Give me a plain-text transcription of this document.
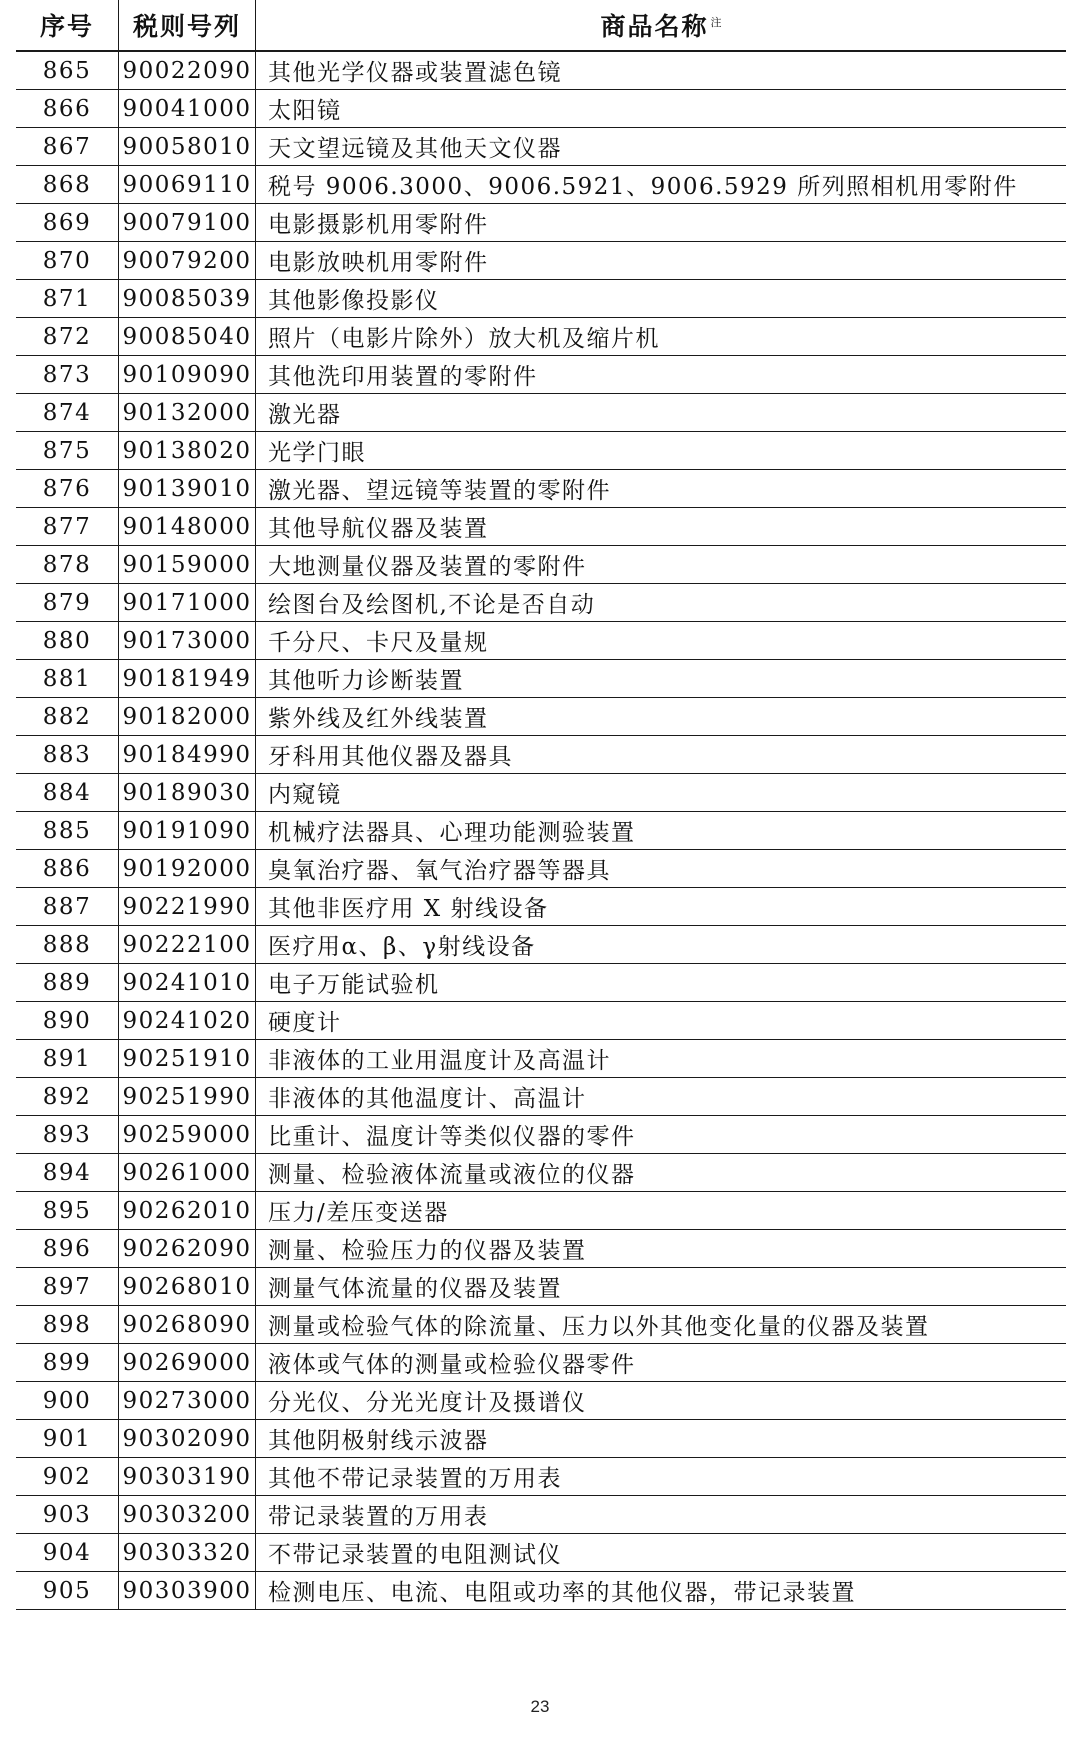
序号	税则号列	商品名称 $^注$
865	90022090	其他光学仪器或装置滤色镜
866	90041000	太阳镜
867	90058010	天文望远镜及其他天文仪器
868	90069110	税号 9006.3000、9006.5921、9006.5929 所列照相机用零附件
869	90079100	电影摄影机用零附件
870	90079200	电影放映机用零附件
871	90085039	其他影像投影仪
872	90085040	照片（电影片除外）放大机及缩片机
873	90109090	其他洗印用装置的零附件
874	90132000	激光器
875	90138020	光学门眼
876	90139010	激光器、望远镜等装置的零附件
877	90148000	其他导航仪器及装置
878	90159000	大地测量仪器及装置的零附件
879	90171000	绘图台及绘图机,不论是否自动
880	90173000	千分尺、卡尺及量规
881	90181949	其他听力诊断装置
882	90182000	紫外线及红外线装置
883	90184990	牙科用其他仪器及器具
884	90189030	内窥镜
885	90191090	机械疗法器具、心理功能测验装置
886	90192000	臭氧治疗器、氧气治疗器等器具
887	90221990	其他非医疗用 X 射线设备
888	90222100	医疗用α、β、γ射线设备
889	90241010	电子万能试验机
890	90241020	硬度计
891	90251910	非液体的工业用温度计及高温计
892	90251990	非液体的其他温度计、高温计
893	90259000	比重计、温度计等类似仪器的零件
894	90261000	测量、检验液体流量或液位的仪器
895	90262010	压力/差压变送器
896	90262090	测量、检验压力的仪器及装置
897	90268010	测量气体流量的仪器及装置
898	90268090	测量或检验气体的除流量、压力以外其他变化量的仪器及装置
899	90269000	液体或气体的测量或检验仪器零件
900	90273000	分光仪、分光光度计及摄谱仪
901	90302090	其他阴极射线示波器
902	90303190	其他不带记录装置的万用表
903	90303200	带记录装置的万用表
904	90303320	不带记录装置的电阻测试仪
905	90303900	检测电压、电流、电阻或功率的其他仪器，带记录装置
23
